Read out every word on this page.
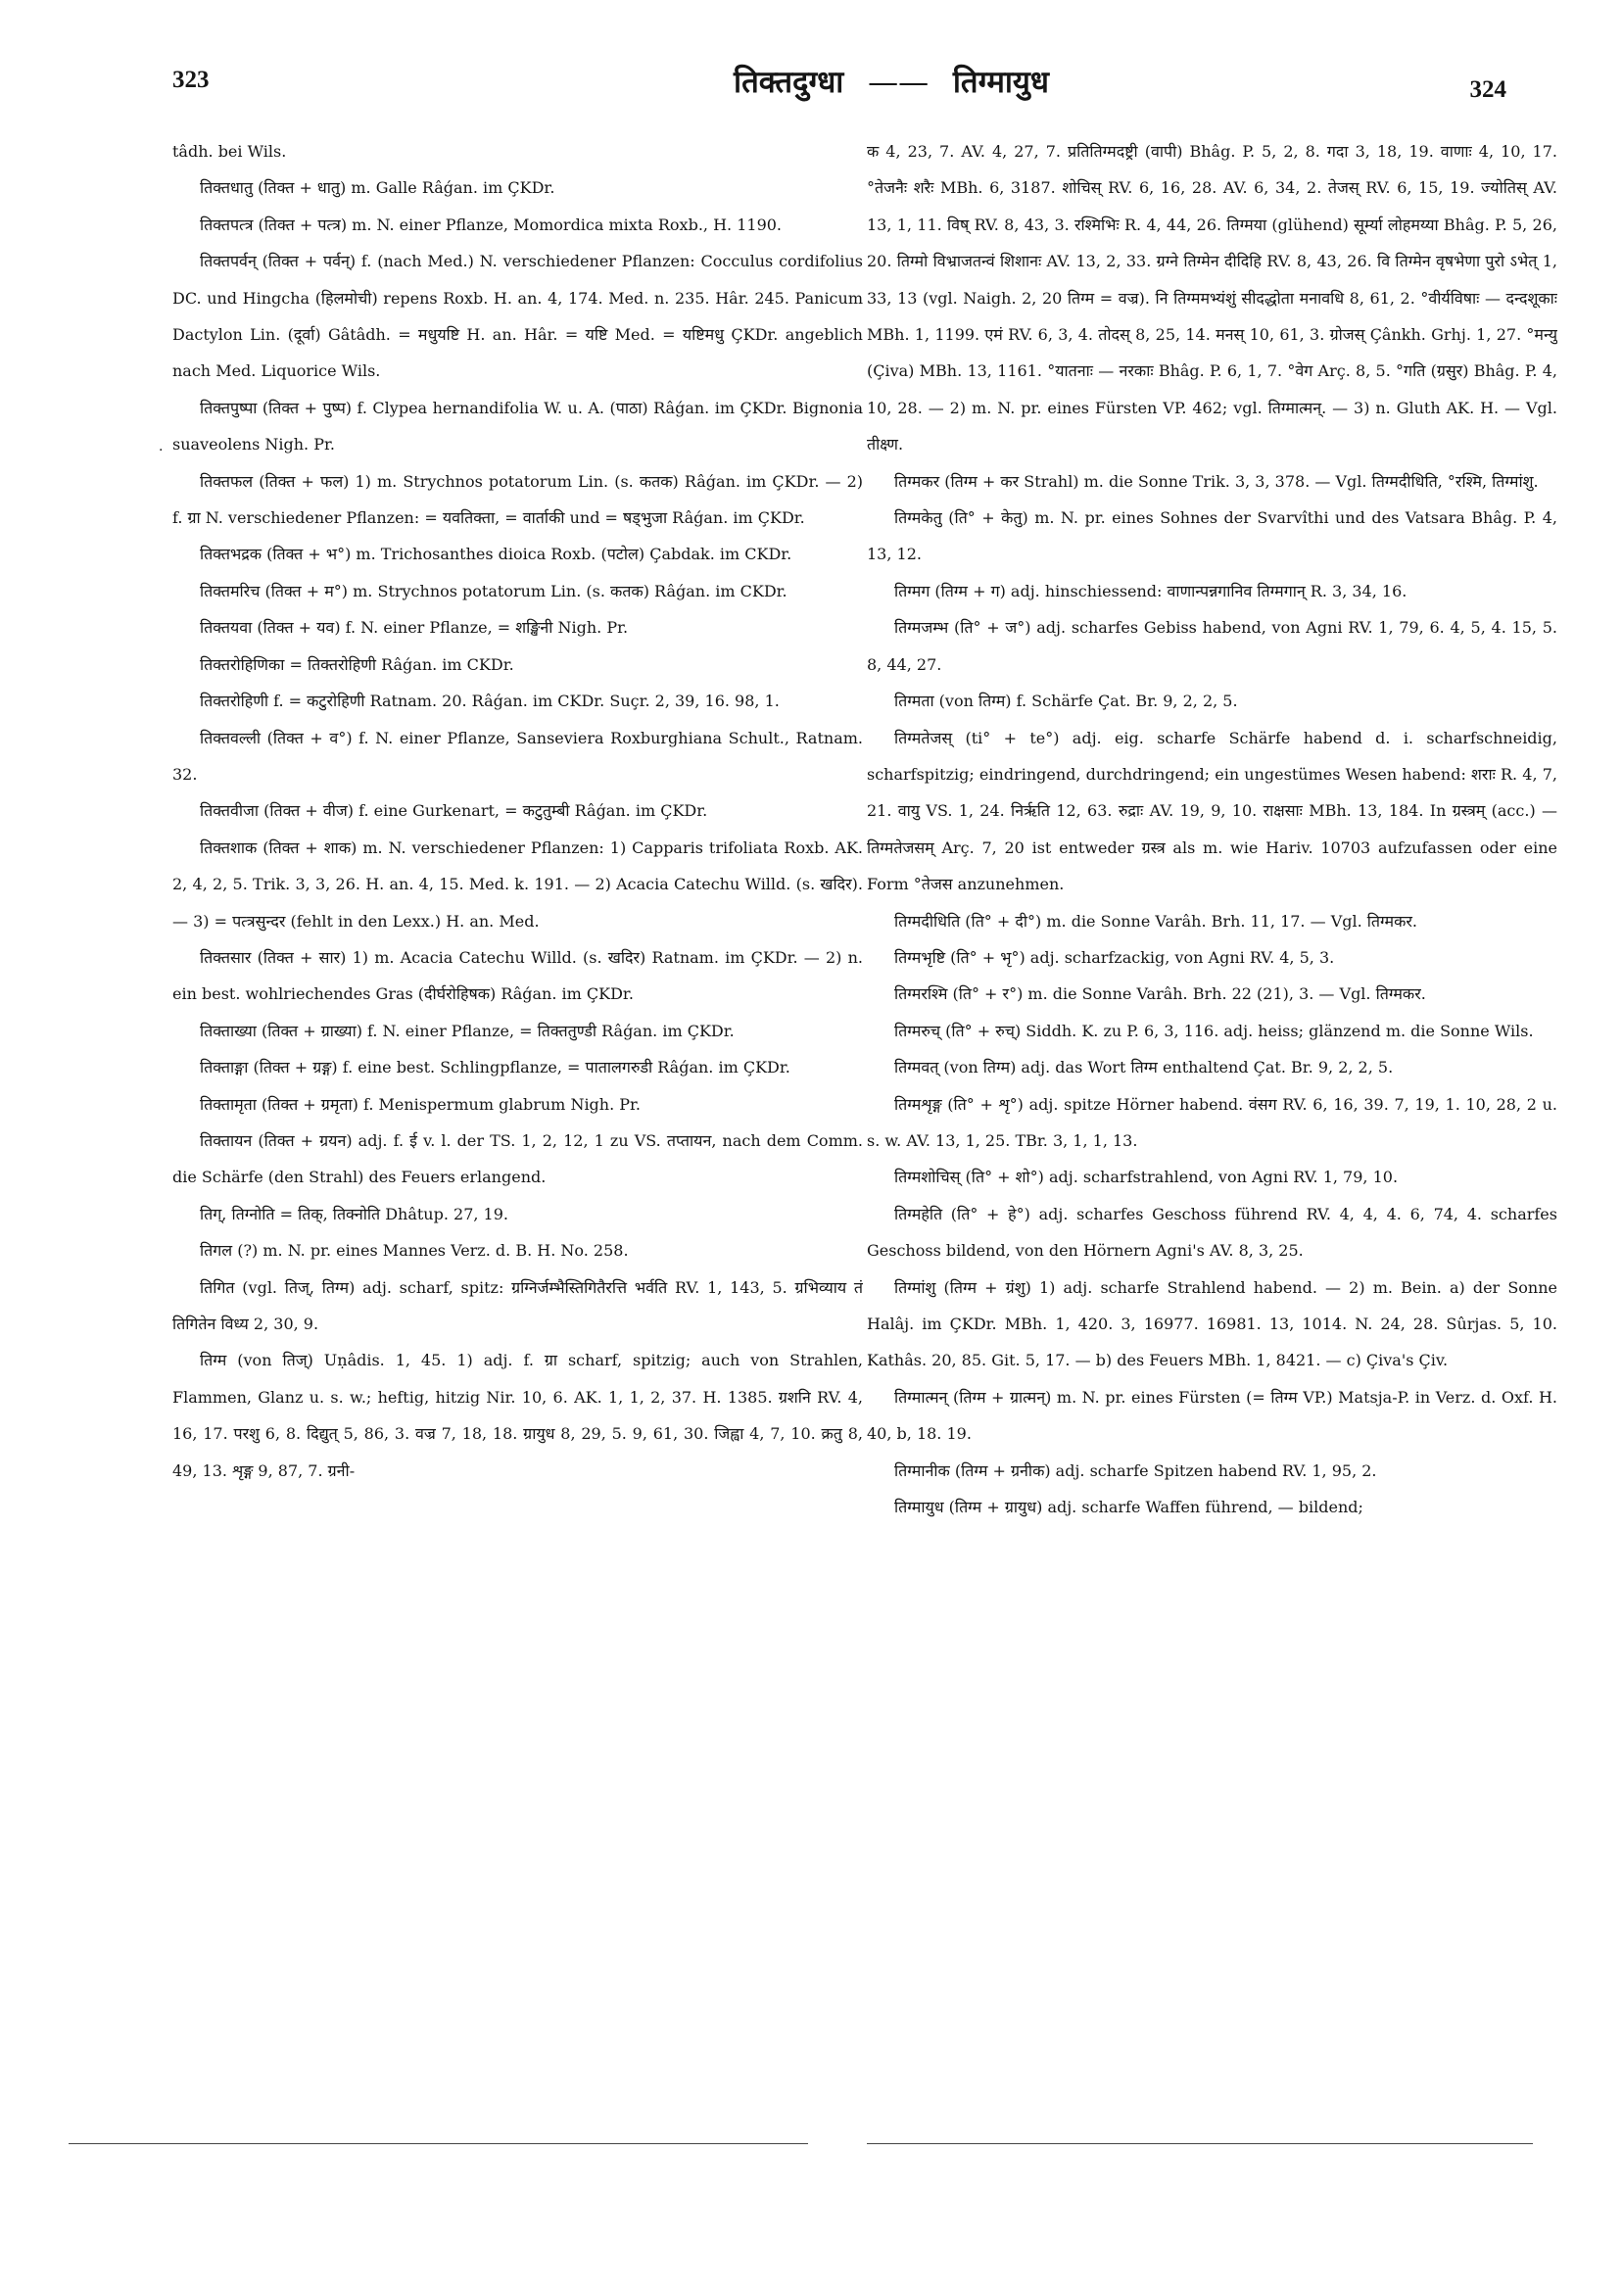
323	तिक्तदुग्धा —— तिग्मायुध	324
·

tâdh. bei Wils.

तिक्तधातु (तिक्त + धातु) m. Galle Râǵan. im ÇKDr.

तिक्तपत्त्र (तिक्त + पत्त्र) m. N. einer Pflanze, Momordica mixta Roxb., H. 1190.

तिक्तपर्वन् (तिक्त + पर्वन्) f. (nach Med.) N. verschiedener Pflanzen: Cocculus cordifolius DC. und Hingcha (हिलमोची) repens Roxb. H. an. 4, 174. Med. n. 235. Hâr. 245. Panicum Dactylon Lin. (दूर्वा) Gâtâdh. = मधुयष्टि H. an. Hâr. = यष्टि Med. = यष्टिमधु ÇKDr. angeblich nach Med. Liquorice Wils.

तिक्तपुष्पा (तिक्त + पुष्प) f. Clypea hernandifolia W. u. A. (पाठा) Râǵan. im ÇKDr. Bignonia suaveolens Nigh. Pr.

तिक्तफल (तिक्त + फल) 1) m. Strychnos potatorum Lin. (s. कतक) Râǵan. im ÇKDr. — 2) f. ग्रा N. verschiedener Pflanzen: = यवतिक्ता, = वार्ताकी und = षड्भुजा Râǵan. im ÇKDr.

तिक्तभद्रक (तिक्त + भ°) m. Trichosanthes dioica Roxb. (पटोल) Çabdak. im CKDr.

तिक्तमरिच (तिक्त + म°) m. Strychnos potatorum Lin. (s. कतक) Râǵan. im CKDr.

तिक्तयवा (तिक्त + यव) f. N. einer Pflanze, = शङ्खिनी Nigh. Pr.

तिक्तरोहिणिका = तिक्तरोहिणी Râǵan. im CKDr.

तिक्तरोहिणी f. = कटुरोहिणी Ratnam. 20. Râǵan. im CKDr. Suçr. 2, 39, 16. 98, 1.

तिक्तवल्ली (तिक्त + व°) f. N. einer Pflanze, Sanseviera Roxburghiana Schult., Ratnam. 32.

तिक्तवीजा (तिक्त + वीज) f. eine Gurkenart, = कटुतुम्बी Râǵan. im ÇKDr.

तिक्तशाक (तिक्त + शाक) m. N. verschiedener Pflanzen: 1) Capparis trifoliata Roxb. AK. 2, 4, 2, 5. Trik. 3, 3, 26. H. an. 4, 15. Med. k. 191. — 2) Acacia Catechu Willd. (s. खदिर). — 3) = पत्त्रसुन्दर (fehlt in den Lexx.) H. an. Med.

तिक्तसार (तिक्त + सार) 1) m. Acacia Catechu Willd. (s. खदिर) Ratnam. im ÇKDr. — 2) n. ein best. wohlriechendes Gras (दीर्घरोहिषक) Râǵan. im ÇKDr.

तिक्ताख्या (तिक्त + ग्राख्या) f. N. einer Pflanze, = तिक्ततुण्डी Râǵan. im ÇKDr.

तिक्ताङ्गा (तिक्त + ग्रङ्ग) f. eine best. Schlingpflanze, = पातालगरुडी Râǵan. im ÇKDr.

तिक्तामृता (तिक्त + ग्रमृता) f. Menispermum glabrum Nigh. Pr.

तिक्तायन (तिक्त + ग्रयन) adj. f. ई v. l. der TS. 1, 2, 12, 1 zu VS. तप्तायन, nach dem Comm. die Schärfe (den Strahl) des Feuers erlangend.

तिग्, तिग्नोति = तिक्, तिक्नोति Dhâtup. 27, 19.

तिगल (?) m. N. pr. eines Mannes Verz. d. B. H. No. 258.

तिगित (vgl. तिज्, तिग्म) adj. scharf, spitz: ग्रग्निर्जम्भैस्तिगितैरत्ति भर्वति RV. 1, 143, 5. ग्रभिव्याय तं तिगितेन विध्य 2, 30, 9.

तिग्म (von तिज्) Uṇâdis. 1, 45. 1) adj. f. ग्रा scharf, spitzig; auch von Strahlen, Flammen, Glanz u. s. w.; heftig, hitzig Nir. 10, 6. AK. 1, 1, 2, 37. H. 1385. ग्रशनि RV. 4, 16, 17. परशु 6, 8. दिद्युत् 5, 86, 3. वज्र 7, 18, 18. ग्रायुध 8, 29, 5. 9, 61, 30. जिह्वा 4, 7, 10. क्रतु 8, 49, 13. शृङ्ग 9, 87, 7. ग्रनी-

क 4, 23, 7. AV. 4, 27, 7. प्रतितिग्मदष्ट्री (वापी) Bhâg. P. 5, 2, 8. गदा 3, 18, 19. वाणाः 4, 10, 17. °तेजनैः शरैः MBh. 6, 3187. शोचिस् RV. 6, 16, 28. AV. 6, 34, 2. तेजस् RV. 6, 15, 19. ज्योतिस् AV. 13, 1, 11. विष् RV. 8, 43, 3. रश्मिभिः R. 4, 44, 26. तिग्मया (glühend) सूर्म्या लोहमय्या Bhâg. P. 5, 26, 20. तिग्मो विभ्राजतन्वं शिशानः AV. 13, 2, 33. ग्रग्ने तिग्मेन दीदिहि RV. 8, 43, 26. वि तिग्मेन वृषभेणा पुरो ऽभेत् 1, 33, 13 (vgl. Naigh. 2, 20 तिग्म = वज्र). नि तिग्ममभ्यंशुं सीदद्धोता मनावधि 8, 61, 2. °वीर्यविषाः — दन्दशूकाः MBh. 1, 1199. एमं RV. 6, 3, 4. तोदस् 8, 25, 14. मनस् 10, 61, 3. ग्रोजस् Çânkh. Grhj. 1, 27. °मन्यु (Çiva) MBh. 13, 1161. °यातनाः — नरकाः Bhâg. P. 6, 1, 7. °वेग Arç. 8, 5. °गति (ग्रसुर) Bhâg. P. 4, 10, 28. — 2) m. N. pr. eines Fürsten VP. 462; vgl. तिग्मात्मन्. — 3) n. Gluth AK. H. — Vgl. तीक्ष्ण.

तिग्मकर (तिग्म + कर Strahl) m. die Sonne Trik. 3, 3, 378. — Vgl. तिग्मदीधिति, °रश्मि, तिग्मांशु.

तिग्मकेतु (ति° + केतु) m. N. pr. eines Sohnes der Svarvîthi und des Vatsara Bhâg. P. 4, 13, 12.

तिग्मग (तिग्म + ग) adj. hinschiessend: वाणान्पन्नगानिव तिग्मगान् R. 3, 34, 16.

तिग्मजम्भ (ति° + ज°) adj. scharfes Gebiss habend, von Agni RV. 1, 79, 6. 4, 5, 4. 15, 5. 8, 44, 27.

तिग्मता (von तिग्म) f. Schärfe Çat. Br. 9, 2, 2, 5.

तिग्मतेजस् (ti° + te°) adj. eig. scharfe Schärfe habend d. i. scharfschneidig, scharfspitzig; eindringend, durchdringend; ein ungestümes Wesen habend: शराः R. 4, 7, 21. वायु VS. 1, 24. निर्ऋति 12, 63. रुद्राः AV. 19, 9, 10. राक्षसाः MBh. 13, 184. In ग्रस्त्रम् (acc.) — तिग्मतेजसम् Arç. 7, 20 ist entweder ग्रस्त्र als m. wie Hariv. 10703 aufzufassen oder eine Form °तेजस anzunehmen.

तिग्मदीधिति (ति° + दी°) m. die Sonne Varâh. Brh. 11, 17. — Vgl. तिग्मकर.

तिग्मभृष्टि (ति° + भृ°) adj. scharfzackig, von Agni RV. 4, 5, 3.

तिग्मरश्मि (ति° + र°) m. die Sonne Varâh. Brh. 22 (21), 3. — Vgl. तिग्मकर.

तिग्मरुच् (ति° + रुच्) Siddh. K. zu P. 6, 3, 116. adj. heiss; glänzend m. die Sonne Wils.

तिग्मवत् (von तिग्म) adj. das Wort तिग्म enthaltend Çat. Br. 9, 2, 2, 5.

तिग्मशृङ्ग (ति° + शृ°) adj. spitze Hörner habend. वंसग RV. 6, 16, 39. 7, 19, 1. 10, 28, 2 u. s. w. AV. 13, 1, 25. TBr. 3, 1, 1, 13.

तिग्मशोचिस् (ति° + शो°) adj. scharfstrahlend, von Agni RV. 1, 79, 10.

तिग्महेति (ति° + हे°) adj. scharfes Geschoss führend RV. 4, 4, 4. 6, 74, 4. scharfes Geschoss bildend, von den Hörnern Agni's AV. 8, 3, 25.

तिग्मांशु (तिग्म + ग्रंशु) 1) adj. scharfe Strahlend habend. — 2) m. Bein. a) der Sonne Halâj. im ÇKDr. MBh. 1, 420. 3, 16977. 16981. 13, 1014. N. 24, 28. Sûrjas. 5, 10. Kathâs. 20, 85. Git. 5, 17. — b) des Feuers MBh. 1, 8421. — c) Çiva's Çiv.

तिग्मात्मन् (तिग्म + ग्रात्मन्) m. N. pr. eines Fürsten (= तिग्म VP.) Matsja-P. in Verz. d. Oxf. H. 40, b, 18. 19.

तिग्मानीक (तिग्म + ग्रनीक) adj. scharfe Spitzen habend RV. 1, 95, 2.

तिग्मायुध (तिग्म + ग्रायुध) adj. scharfe Waffen führend, — bildend;
